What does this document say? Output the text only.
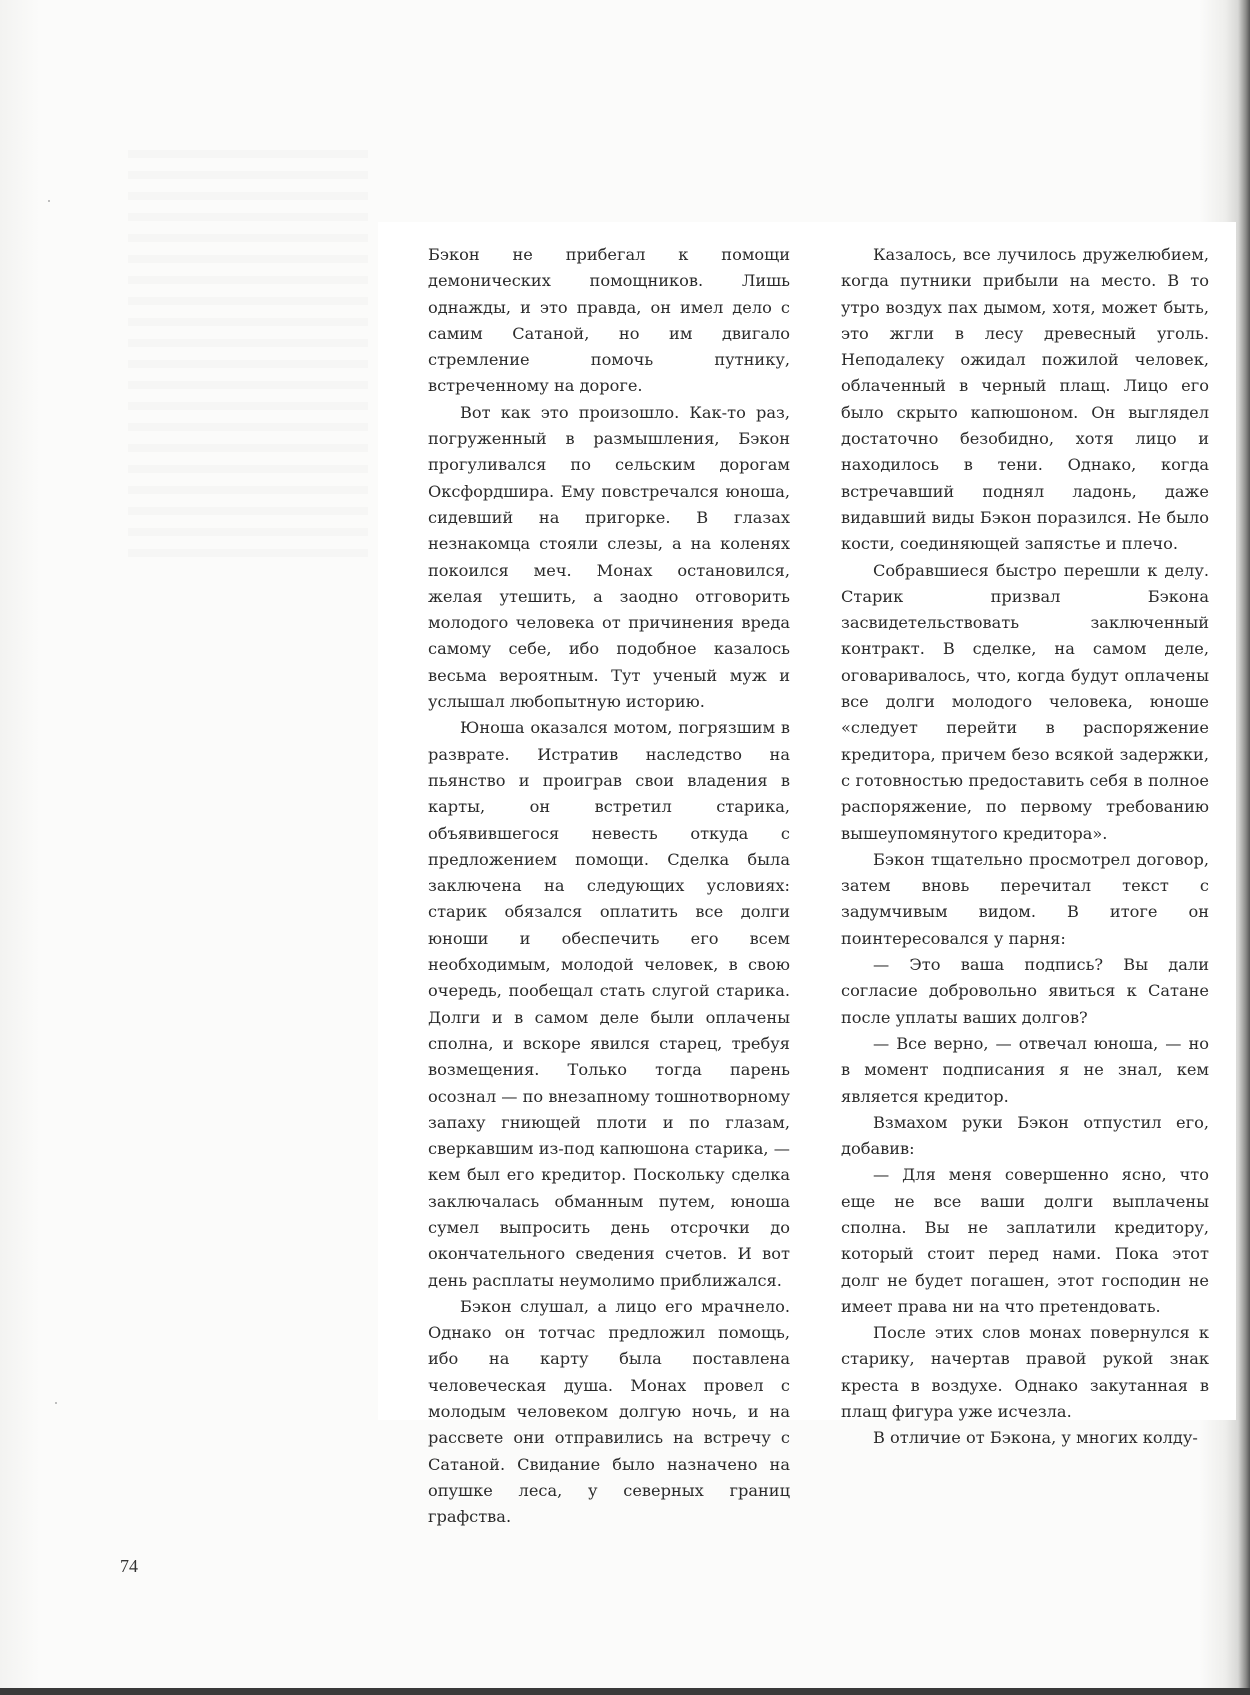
Бэкон не прибегал к помощи демонических помощников. Лишь однажды, и это правда, он имел дело с самим Сатаной, но им двигало стремление помочь путнику, встреченному на дороге.

Вот как это произошло. Как-то раз, погруженный в размышления, Бэкон прогуливался по сельским дорогам Оксфордшира. Ему повстречался юноша, сидевший на пригорке. В глазах незнакомца стояли слезы, а на коленях покоился меч. Монах остановился, желая утешить, а заодно отговорить молодого человека от причинения вреда самому себе, ибо подобное казалось весьма вероятным. Тут ученый муж и услышал любопытную историю.

Юноша оказался мотом, погрязшим в разврате. Истратив наследство на пьянство и проиграв свои владения в карты, он встретил старика, объявившегося невесть откуда с предложением помощи. Сделка была заключена на следующих условиях: старик обязался оплатить все долги юноши и обеспечить его всем необходимым, молодой человек, в свою очередь, пообещал стать слугой старика. Долги и в самом деле были оплачены сполна, и вскоре явился старец, требуя возмещения. Только тогда парень осознал — по внезапному тошнотворному запаху гниющей плоти и по глазам, сверкавшим из-под капюшона старика, — кем был его кредитор. Поскольку сделка заключалась обманным путем, юноша сумел выпросить день отсрочки до окончательного сведения счетов. И вот день расплаты неумолимо приближался.

Бэкон слушал, а лицо его мрачнело. Однако он тотчас предложил помощь, ибо на карту была поставлена человеческая душа. Монах провел с молодым человеком долгую ночь, и на рассвете они отправились на встречу с Сатаной. Свидание было назначено на опушке леса, у северных границ графства.

Казалось, все лучилось дружелюбием, когда путники прибыли на место. В то утро воздух пах дымом, хотя, может быть, это жгли в лесу древесный уголь. Неподалеку ожидал пожилой человек, облаченный в черный плащ. Лицо его было скрыто капюшоном. Он выглядел достаточно безобидно, хотя лицо и находилось в тени. Однако, когда встречавший поднял ладонь, даже видавший виды Бэкон поразился. Не было кости, соединяющей запястье и плечо.

Собравшиеся быстро перешли к делу. Старик призвал Бэкона засвидетельствовать заключенный контракт. В сделке, на самом деле, оговаривалось, что, когда будут оплачены все долги молодого человека, юноше «следует перейти в распоряжение кредитора, причем безо всякой задержки, с готовностью предоставить себя в полное распоряжение, по первому требованию вышеупомянутого кредитора».

Бэкон тщательно просмотрел договор, затем вновь перечитал текст с задумчивым видом. В итоге он поинтересовался у парня:

— Это ваша подпись? Вы дали согласие добровольно явиться к Сатане после уплаты ваших долгов?

— Все верно, — отвечал юноша, — но в момент подписания я не знал, кем является кредитор.

Взмахом руки Бэкон отпустил его, добавив:

— Для меня совершенно ясно, что еще не все ваши долги выплачены сполна. Вы не заплатили кредитору, который стоит перед нами. Пока этот долг не будет погашен, этот господин не имеет права ни на что претендовать.

После этих слов монах повернулся к старику, начертав правой рукой знак креста в воздухе. Однако закутанная в плащ фигура уже исчезла.

В отличие от Бэкона, у многих колду-

74
